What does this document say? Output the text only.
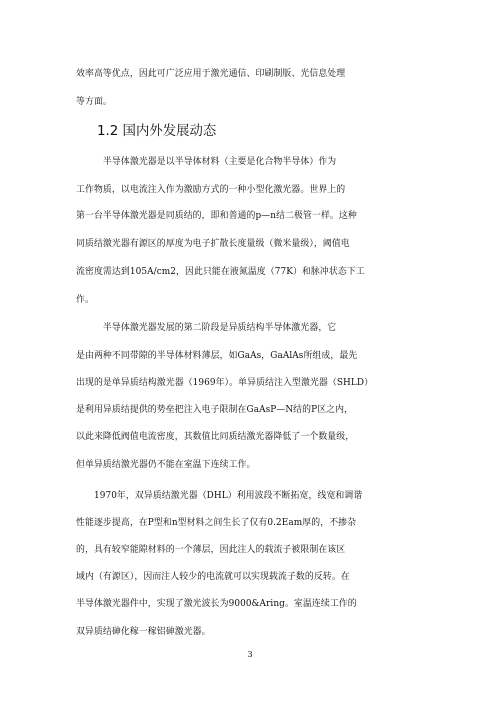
效率高等优点，因此可广泛应用于激光通信、印刷制版、光信息处理
等方面。
1.2 国内外发展动态
　　　半导体激光器是以半导体材料（主要是化合物半导体）作为
工作物质，以电流注入作为激励方式的一种小型化激光器。世界上的
第一台半导体激光器是同质结的，即和普通的p—n结二极管一样。这种
同质结激光器有源区的厚度为电子扩散长度量级（微米量级），阈值电
流密度需达到105A/cm2，因此只能在液氮温度（77K）和脉冲状态下工
作。
　　　半导体激光器发展的第二阶段是异质结构半导体激光器，它
是由两种不同带隙的半导体材料薄层，如GaAs，GaAlAs所组成，最先
出现的是单异质结构激光器（1969年）。单异质结注入型激光器（SHLD）
是利用异质结提供的势垒把注入电子限制在GaAsP—N结的P区之内，
以此来降低阀值电流密度，其数值比同质结激光器降低了一个数量级，
但单异质结激光器仍不能在室温下连续工作。
　　1970年，双异质结激光器（DHL）利用波段不断拓宽，线宽和调谐
性能逐步提高，在P型和n型材料之间生长了仅有0.2Eam厚的，不掺杂
的，具有较窄能隙材料的一个薄层，因此注人的载流子被限制在该区
域内（有源区），因而注人较少的电流就可以实现载流子数的反转。在
半导体激光器件中，实现了激光波长为9000&Aring。室温连续工作的
双异质结砷化稼一稼铝砷激光器。
3
